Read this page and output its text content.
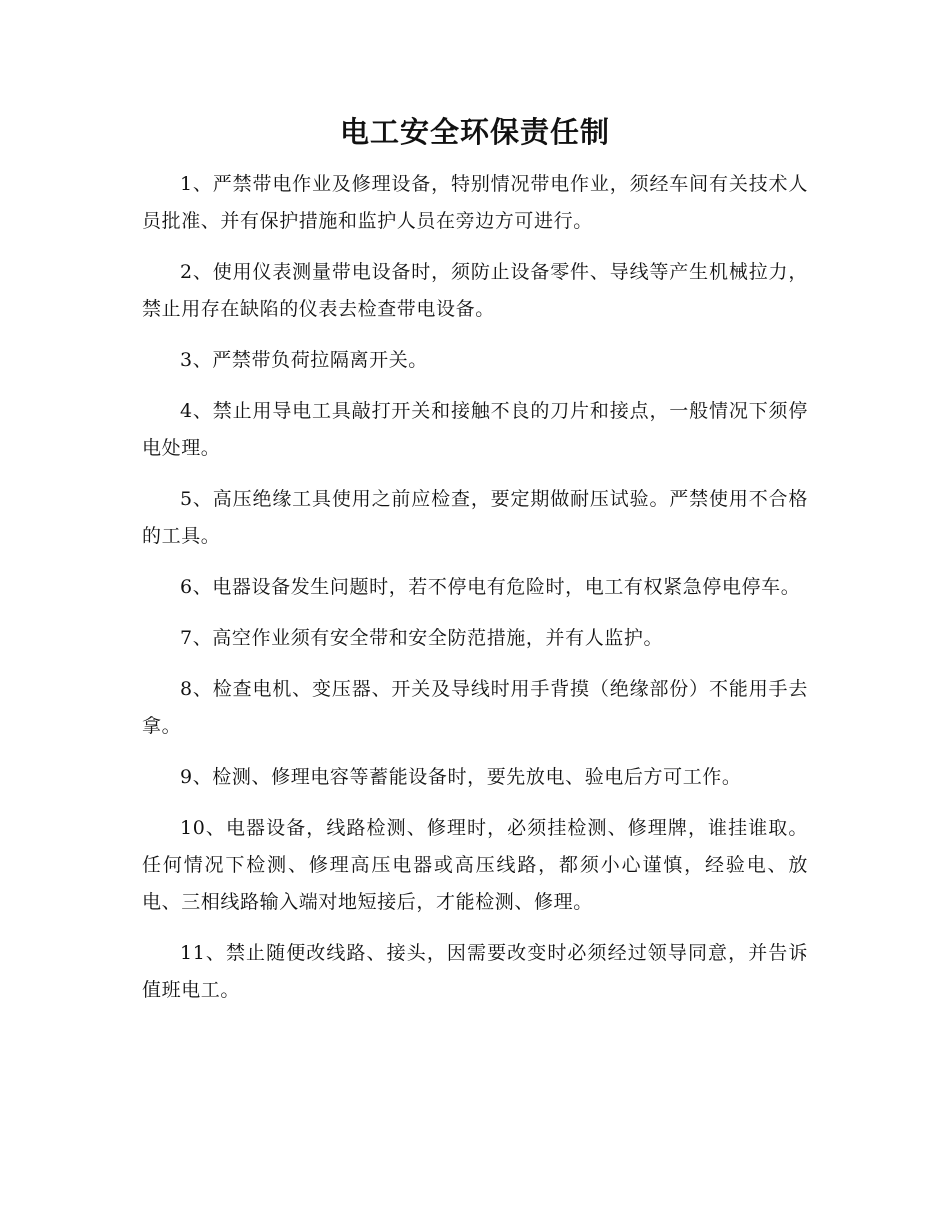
电工安全环保责任制

1、严禁带电作业及修理设备，特别情况带电作业，须经车间有关技术人员批准、并有保护措施和监护人员在旁边方可进行。

2、使用仪表测量带电设备时，须防止设备零件、导线等产生机械拉力，禁止用存在缺陷的仪表去检查带电设备。

3、严禁带负荷拉隔离开关。

4、禁止用导电工具敲打开关和接触不良的刀片和接点，一般情况下须停电处理。

5、高压绝缘工具使用之前应检查，要定期做耐压试验。严禁使用不合格的工具。

6、电器设备发生问题时，若不停电有危险时，电工有权紧急停电停车。

7、高空作业须有安全带和安全防范措施，并有人监护。

8、检查电机、变压器、开关及导线时用手背摸（绝缘部份）不能用手去拿。

9、检测、修理电容等蓄能设备时，要先放电、验电后方可工作。

10、电器设备，线路检测、修理时，必须挂检测、修理牌，谁挂谁取。任何情况下检测、修理高压电器或高压线路，都须小心谨慎，经验电、放电、三相线路输入端对地短接后，才能检测、修理。

11、禁止随便改线路、接头，因需要改变时必须经过领导同意，并告诉值班电工。
